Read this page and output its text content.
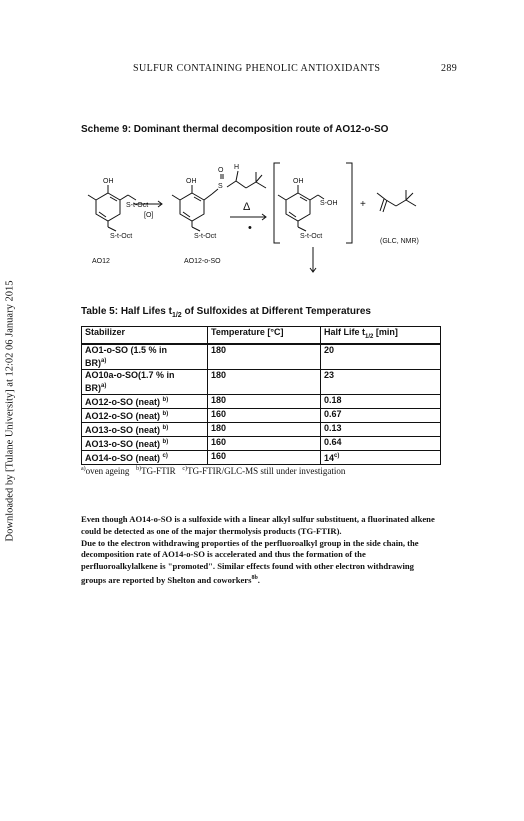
SULFUR CONTAINING PHENOLIC ANTIOXIDANTS	289
Downloaded by [Tulane University] at 12:02 06 January 2015
Scheme 9: Dominant thermal decomposition route of AO12-o-SO
OH
S-t-Oct
S-t-Oct
[O]
AO12
OH
O
S
H
S-t-Oct
AO12-o-SO
Δ
•
OH
S-OH
S-t-Oct
+
(GLC, NMR)
Table 5: Half Lifes $t_{1/2}$ of Sulfoxides at Different Temperatures
Stabilizer	Temperature [°C]	Half Life $t_{1/2}$ [min]
AO1-o-SO (1.5 % in
BR)$^{a)}$	180	20
AO10a-o-SO(1.7 % in
BR)$^{a)}$	180	23
AO12-o-SO (neat) $^{b)}$	180	0.18
AO12-o-SO (neat) $^{b)}$	160	0.67
AO13-o-SO (neat) $^{b)}$	180	0.13
AO13-o-SO (neat) $^{b)}$	160	0.64
AO14-o-SO (neat) $^{c)}$	160	14$^{c)}$
$^{a)}$oven ageing $^{b)}$TG-FTIR $^{c)}$TG-FTIR/GLC-MS still under investigation

Even though AO14-o-SO is a sulfoxide with a linear alkyl sulfur substituent, a fluorinated alkene could be detected as one of the major thermolysis products (TG-FTIR).

Due to the electron withdrawing proporties of the perfluoroalkyl group in the side chain, the decomposition rate of AO14-o-SO is accelerated and thus the formation of the perfluoroalkylalkene is "promoted". Similar effects found with other electron withdrawing groups are reported by Shelton and coworkers$^{8b}$.
